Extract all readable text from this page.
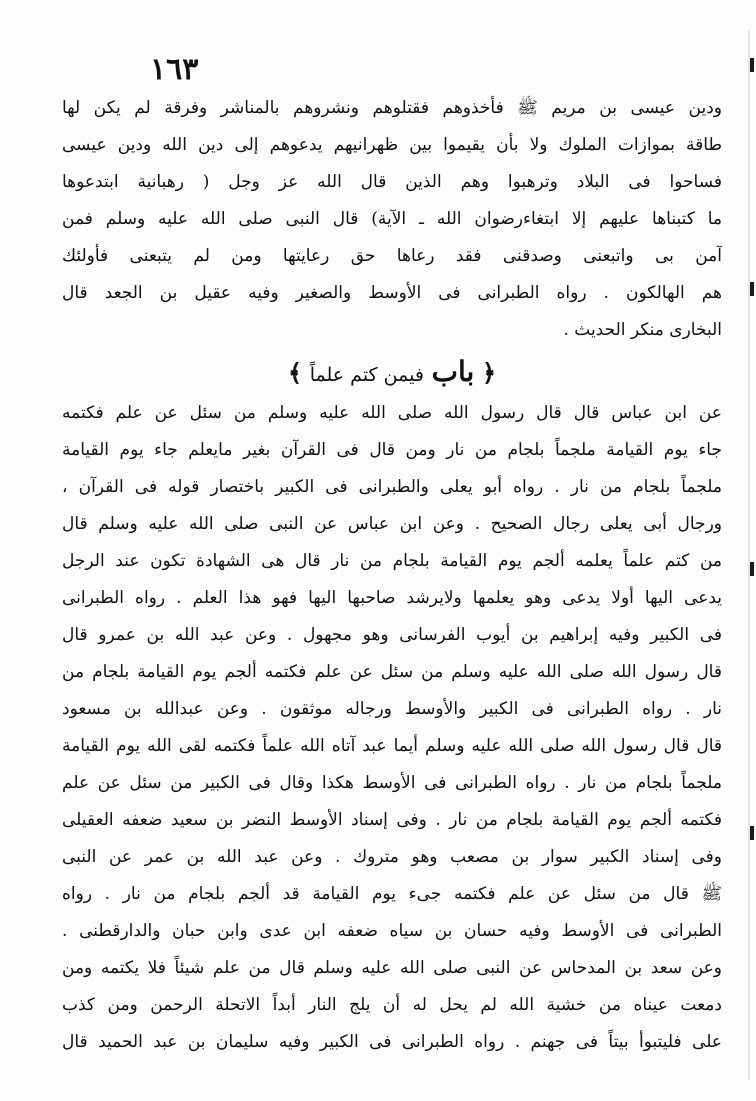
١٦٣
ودين عيسى بن مريم ﷺ فأخذوهم فقتلوهم ونشروهم بالمناشر وفرقة لم يكن لها
طاقة بموازات الملوك ولا بأن يقيموا بين ظهرانيهم يدعوهم إلى دين الله ودين عيسى
فساحوا فى البلاد وترهبوا وهم الذين قال الله عز وجل ( رهبانية ابتدعوها
ما كتبناها عليهم إلا ابتغاءرضوان الله ـ الآية) قال النبى صلى الله عليه وسلم فمن
آمن بى واتبعنى وصدقنى فقد رعاها حق رعايتها ومن لم يتبعنى فأولئك
هم الهالكون . رواه الطبرانى فى الأوسط والصغير وفيه عقيل بن الجعد قال
البخارى منكر الحديث .
﴿ باب فيمن كتم علماً ﴾
عن ابن عباس قال قال رسول الله صلى الله عليه وسلم من سئل عن علم فكتمه
جاء يوم القيامة ملجماً بلجام من نار ومن قال فى القرآن بغير مايعلم جاء يوم القيامة
ملجماً بلجام من نار . رواه أبو يعلى والطبرانى فى الكبير باختصار قوله فى القرآن ،
ورجال أبى يعلى رجال الصحيح . وعن ابن عباس عن النبى صلى الله عليه وسلم قال
من كتم علماً يعلمه ألجم يوم القيامة بلجام من نار قال هى الشهادة تكون عند الرجل
يدعى اليها أولا يدعى وهو يعلمها ولايرشد صاحبها اليها فهو هذا العلم . رواه الطبرانى
فى الكبير وفيه إبراهيم بن أيوب الفرسانى وهو مجهول . وعن عبد الله بن عمرو قال
قال رسول الله صلى الله عليه وسلم من سئل عن علم فكتمه ألجم يوم القيامة بلجام من
نار . رواه الطبرانى فى الكبير والأوسط ورجاله موثقون . وعن عبدالله بن مسعود
قال قال رسول الله صلى الله عليه وسلم أيما عبد آتاه الله علماً فكتمه لقى الله يوم القيامة
ملجماً بلجام من نار . رواه الطبرانى فى الأوسط هكذا وقال فى الكبير من سئل عن علم
فكتمه ألجم يوم القيامة بلجام من نار . وفى إسناد الأوسط النضر بن سعيد ضعفه العقيلى
وفى إسناد الكبير سوار بن مصعب وهو متروك . وعن عبد الله بن عمر عن النبى
ﷺ قال من سئل عن علم فكتمه جىء يوم القيامة قد ألجم بلجام من نار . رواه
الطبرانى فى الأوسط وفيه حسان بن سياه ضعفه ابن عدى وابن حبان والدارقطنى .
وعن سعد بن المدحاس عن النبى صلى الله عليه وسلم قال من علم شيئاً فلا يكتمه ومن
دمعت عيناه من خشية الله لم يحل له أن يلج النار أبداً الاتحلة الرحمن ومن كذب
على فليتبوأ بيتاً فى جهنم . رواه الطبرانى فى الكبير وفيه سليمان بن عبد الحميد قال
